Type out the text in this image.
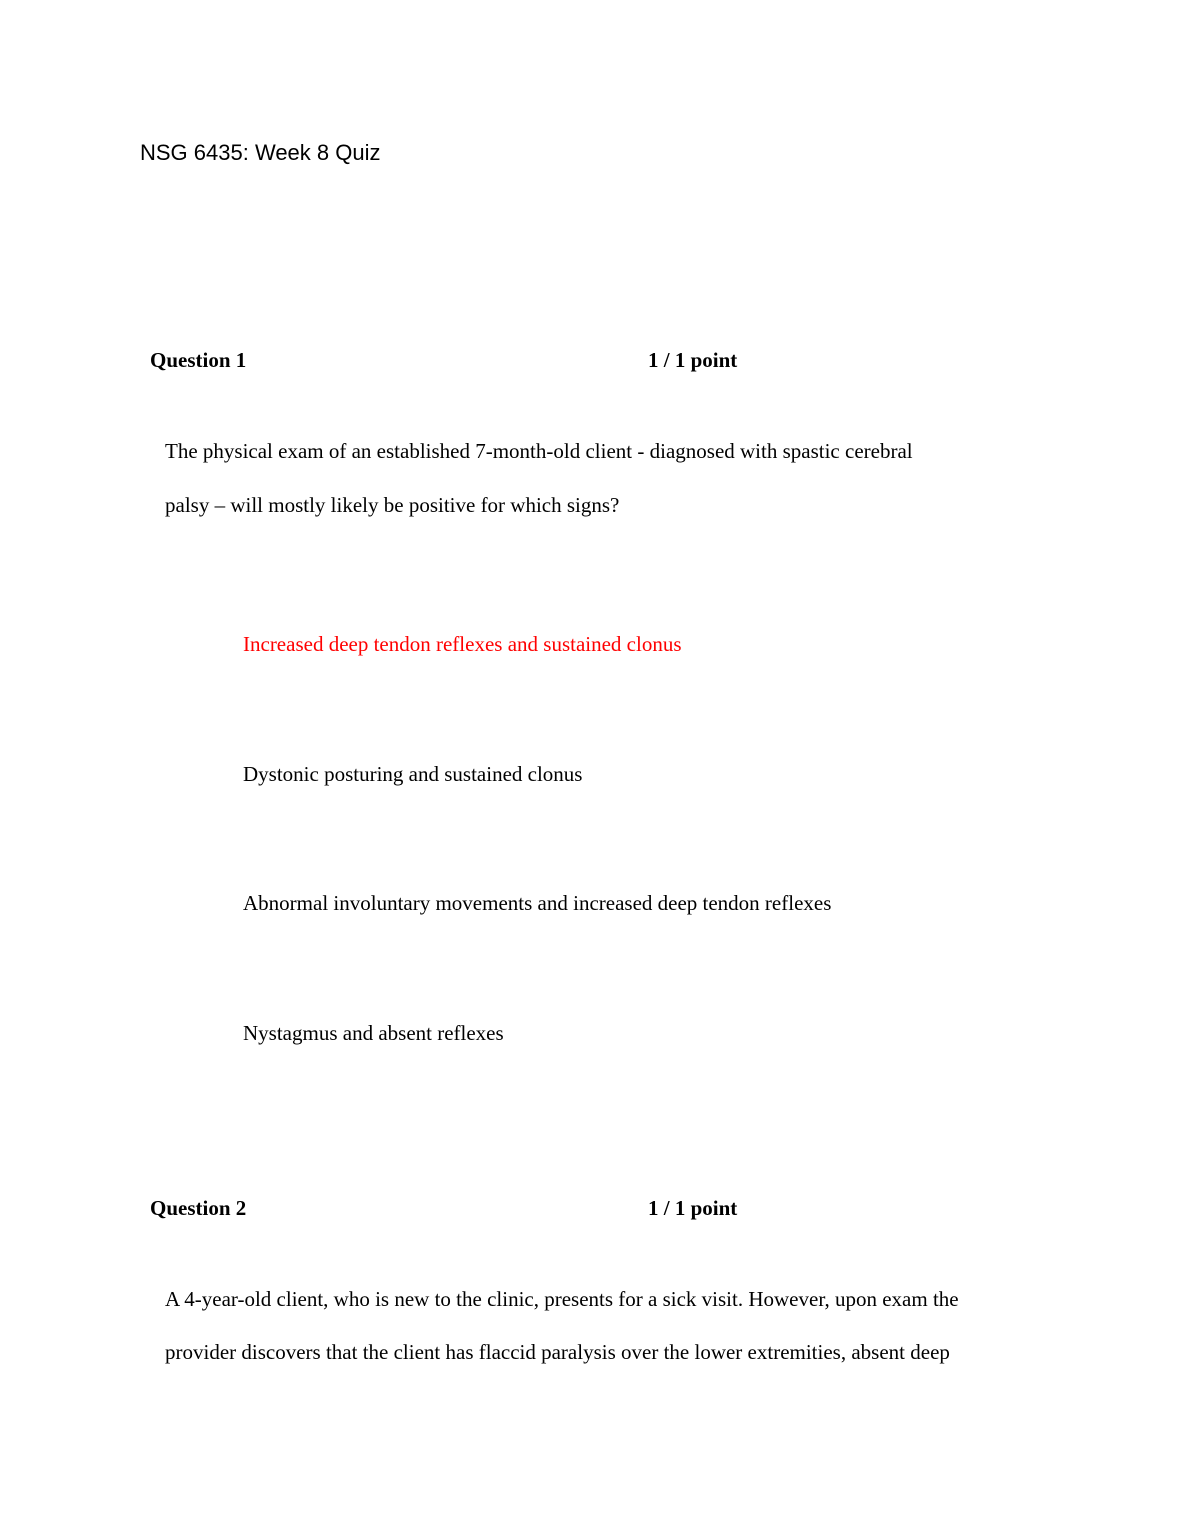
NSG 6435: Week 8 Quiz
Question 1	1 / 1 point
The physical exam of an established 7-month-old client - diagnosed with spastic cerebral
palsy – will mostly likely be positive for which signs?
Increased deep tendon reflexes and sustained clonus
Dystonic posturing and sustained clonus
Abnormal involuntary movements and increased deep tendon reflexes
Nystagmus and absent reflexes
Question 2	1 / 1 point
A 4-year-old client, who is new to the clinic, presents for a sick visit. However, upon exam the
provider discovers that the client has flaccid paralysis over the lower extremities, absent deep
